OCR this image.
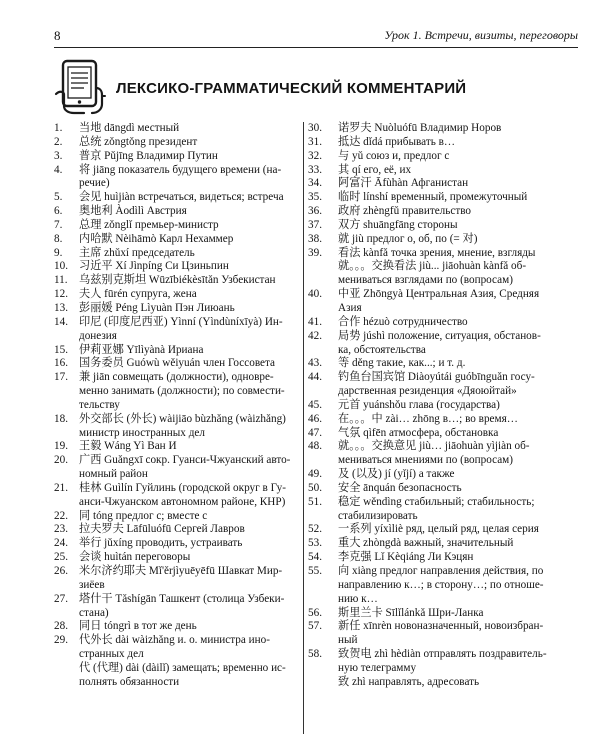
8	Урок 1. Встречи, визиты, переговоры
ЛЕКСИКО-ГРАММАТИЧЕСКИЙ КОММЕНТАРИЙ
1.	当地 dāngdì местный
2.	总统 zǒngtǒng президент
3.	普京 Pǔjīng Владимир Путин
4.	将 jiāng показатель будущего времени (на-
речие)
5.	会见 huìjiàn встречаться, видеться; встреча
6.	奥地利 Àodìlì Австрия
7.	总理 zǒnglǐ премьер-министр
8.	内哈默 Nèihāmò Карл Нехаммер
9.	主席 zhǔxí председатель
10. 习近平 Xí Jìnpíng Си Цзиньпин
11.	乌兹别克斯坦 Wūzībiékèsītǎn Узбекистан
12. 夫人 fūrén супруга, жена
13. 彭丽媛 Péng Lìyuàn Пэн Лиюань
14. 印尼 (印度尼西亚) Yìnní (Yìndùníxīyà) Ин-
донезия
15. 伊莉亚娜 Yīlìyànà Ириана
16. 国务委员 Guówù wěiyuán член Госсовета
17. 兼 jiān совмещать (должности), одновре-
менно занимать (должности); по совмести-
тельству
18. 外交部长 (外长) wàijiāo bùzhǎng (wàizhǎng)
министр иностранных дел
19. 王毅 Wáng Yì Ван И
20. 广西 Guǎngxī сокр. Гуанси-Чжуанский авто-
номный район
21. 桂林 Guìlín Гуйлинь (городской округ в Гу-
анси-Чжуанском автономном районе, КНР)
22. 同 tóng предлог с; вместе с
23. 拉夫罗夫 Lāfūluófū Сергей Лавров
24. 举行 jǔxíng проводить, устраивать
25. 会谈 huìtán переговоры
26. 米尔济约耶夫 Mǐ'ěrjìyuēyēfū Шавкат Мир-
зиёев
27. 塔什干 Tǎshígān Ташкент (столица Узбеки-
стана)
28. 同日 tóngrì в тот же день
29. 代外长 dài wàizhǎng и. о. министра ино-
странных дел
代 (代理) dài (dàilǐ) замещать; временно ис-
полнять обязанности
30.	诺罗夫 Nuòluófū Владимир Норов
31.	抵达 dǐdá прибывать в…
32.	与 yǔ союз и, предлог с
33.	其 qí его, её, их
34.	阿富汗 Āfùhàn Афганистан
35.	临时 línshí временный, промежуточный
36.	政府 zhèngfǔ правительство
37.	双方 shuāngfāng стороны
38.	就 jiù предлог о, об, по (= 对)
39.	看法 kànfǎ точка зрения, мнение, взгляды
就。。。交换看法 jiù... jiāohuàn kànfǎ об-
мениваться взглядами по (вопросам)
40.	中亚 Zhōngyà Центральная Азия, Средняя
Азия
41.	合作 hézuò сотрудничество
42.	局势 júshì положение, ситуация, обстанов-
ка, обстоятельства
43.	等 děng такие, как...; и т. д.
44.	钓鱼台国宾馆 Diàoyútái guóbīnguǎn госу-
дарственная резиденция «Дяоюйтай»
45.	元首 yuánshǒu глава (государства)
46.	在。。。中 zài… zhōng в…; во время…
47.	气氛 qìfēn атмосфера, обстановка
48.	就。。。交换意见 jiù… jiāohuàn yìjiàn об-
мениваться мнениями по (вопросам)
49.	及 (以及) jí (yǐjí) а также
50.	安全 ānquán безопасность
51.	稳定 wěndìng стабильный; стабильность;
стабилизировать
52.	一系列 yíxìliè ряд, целый ряд, целая серия
53.	重大 zhòngdà важный, значительный
54.	李克强 Lǐ Kèqiáng Ли Кэцян
55.	向 xiàng предлог направления действия, по
направлению к…; в сторону…; по отноше-
нию к…
56.	斯里兰卡 Sīlǐlánkǎ Шри-Ланка
57.	新任 xīnrèn новоназначенный, новоизбран-
ный
58.	致贺电 zhì hèdiàn отправлять поздравитель-
ную телеграмму
致 zhì направлять, адресовать
